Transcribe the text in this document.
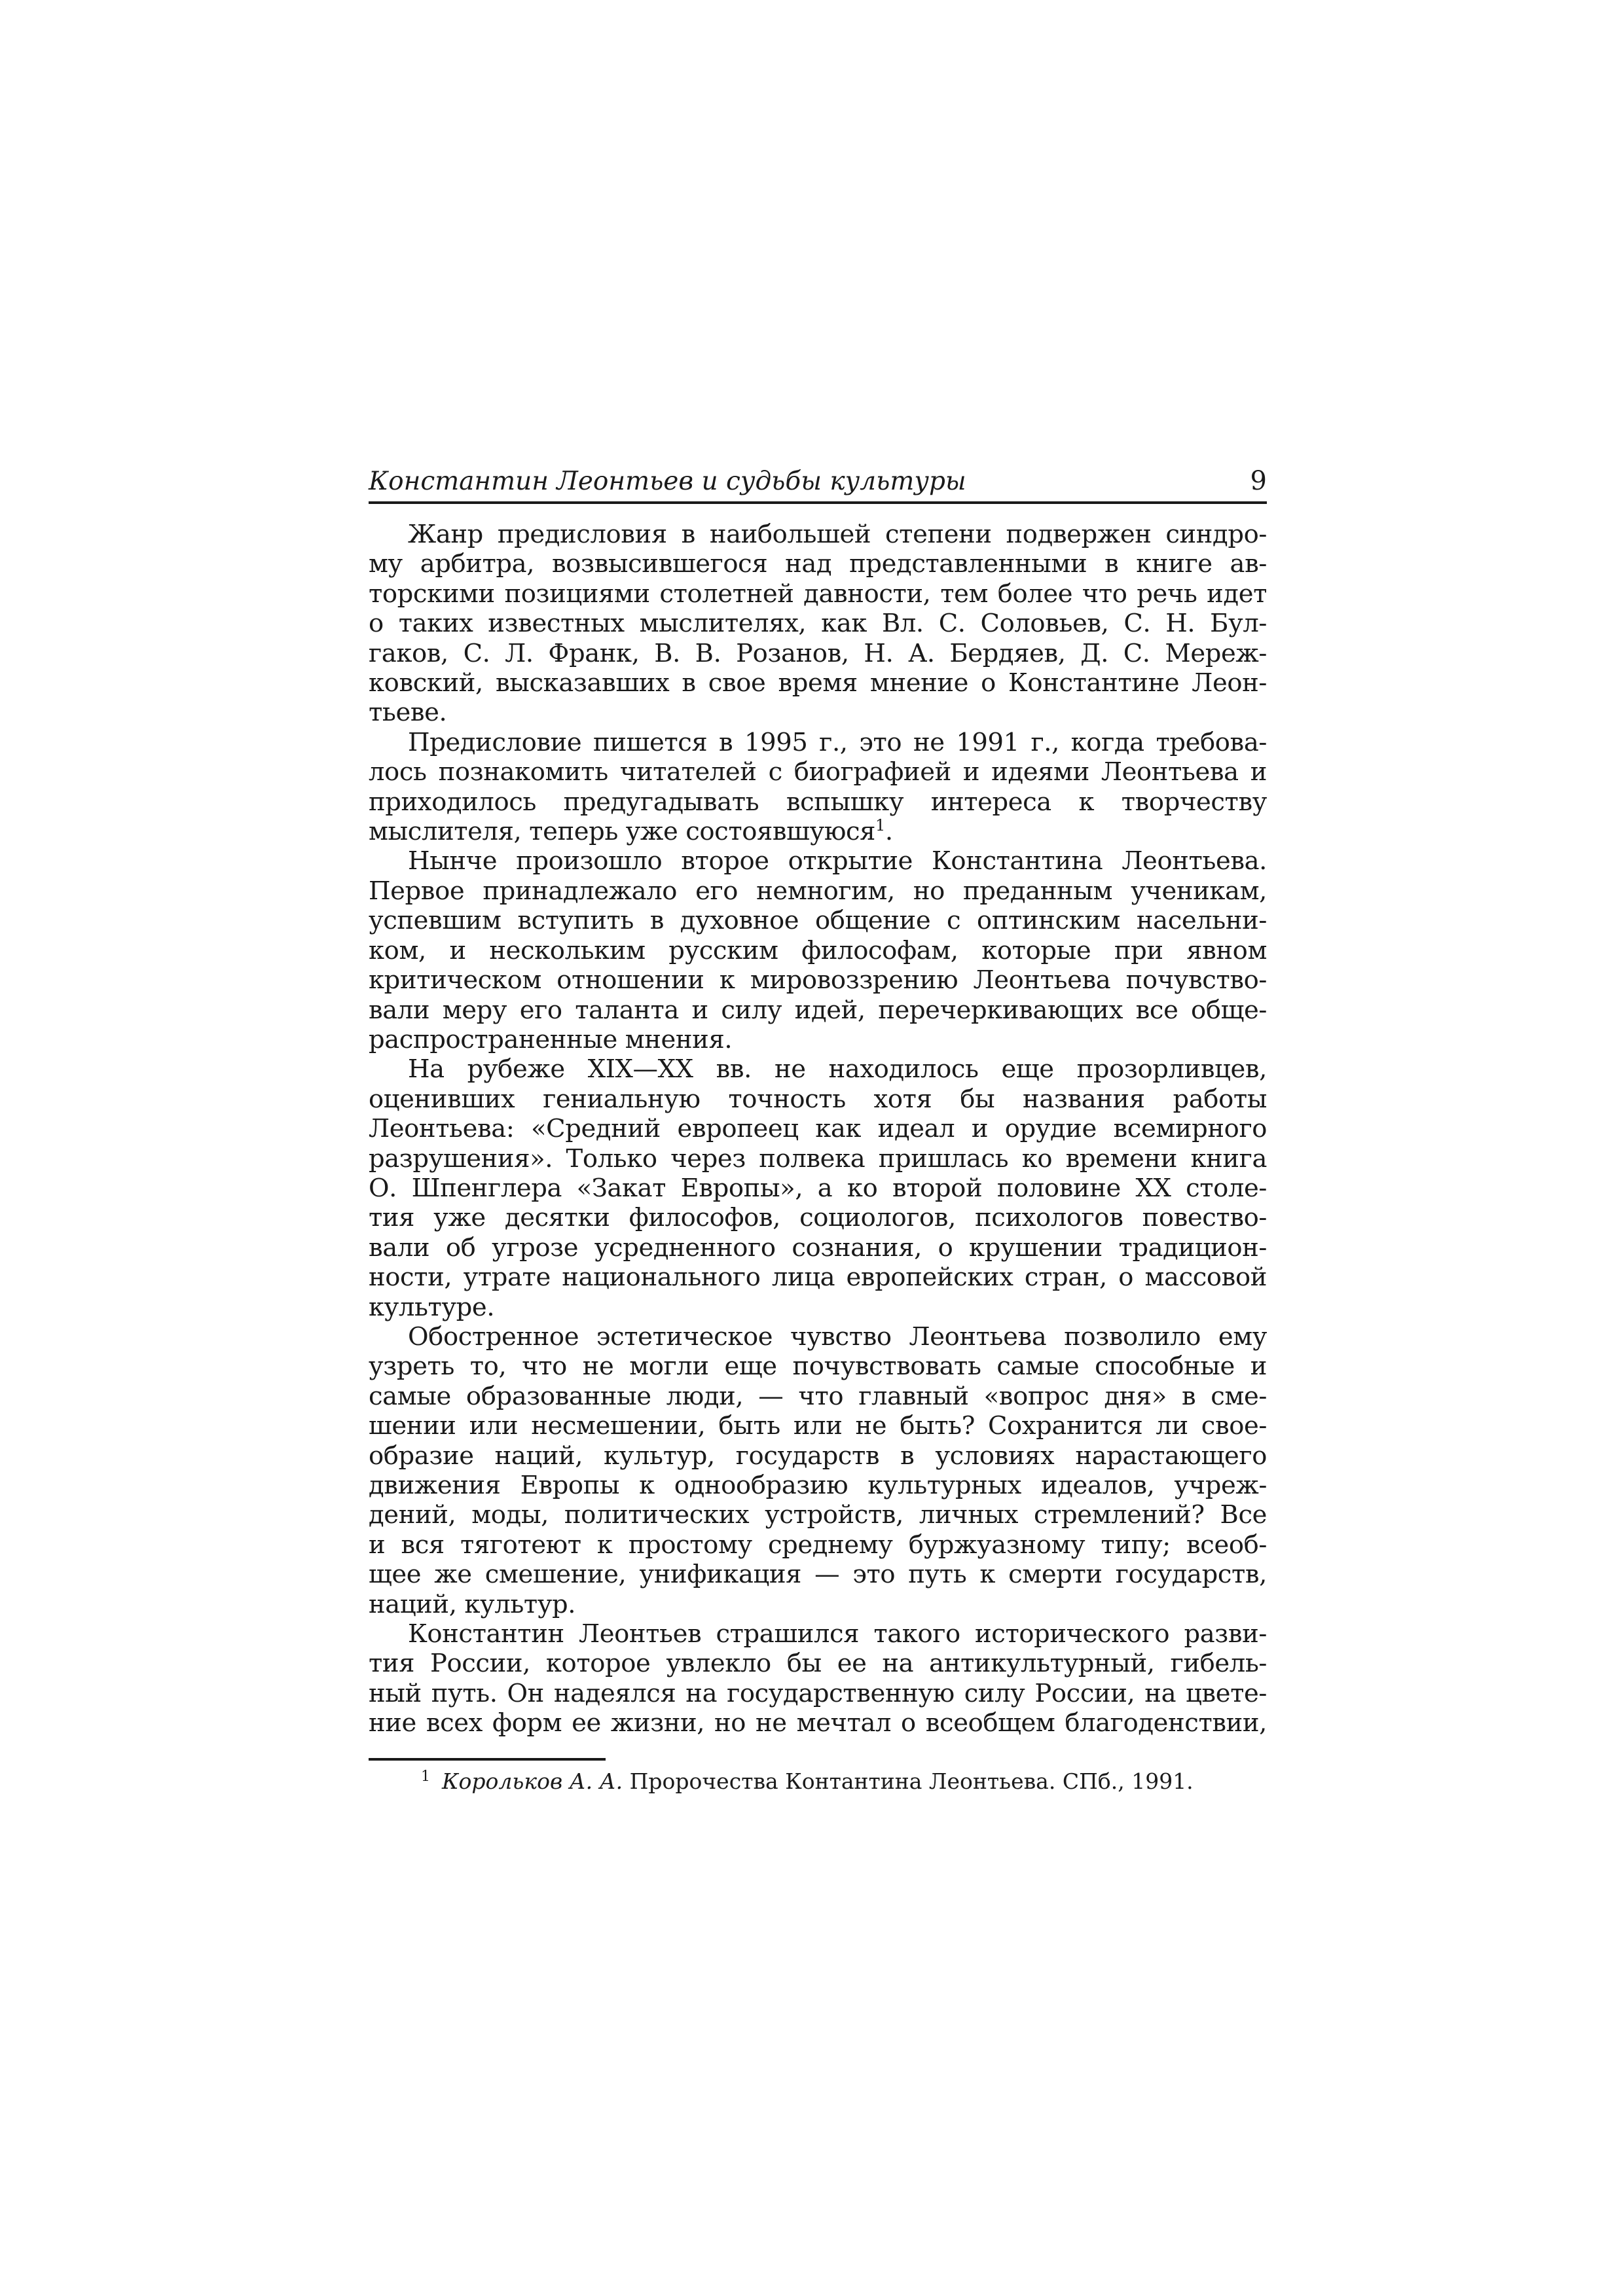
Константин Леонтьев и судьбы культуры	9

Жанр предисловия в наибольшей степени подвержен синдро-
му арбитра, возвысившегося над представленными в книге ав-
торскими позициями столетней давности, тем более что речь идет
о таких известных мыслителях, как Вл. С. Соловьев, С. Н. Бул-
гаков, С. Л. Франк, В. В. Розанов, Н. А. Бердяев, Д. С. Мереж-
ковский, высказавших в свое время мнение о Константине Леон-
тьеве.

Предисловие пишется в 1995 г., это не 1991 г., когда требова-
лось познакомить читателей с биографией и идеями Леонтьева и
приходилось предугадывать вспышку интереса к творчеству
мыслителя, теперь уже состоявшуюся$^1$.

Нынче произошло второе открытие Константина Леонтьева.
Первое принадлежало его немногим, но преданным ученикам,
успевшим вступить в духовное общение с оптинским насельни-
ком, и нескольким русским философам, которые при явном
критическом отношении к мировоззрению Леонтьева почувство-
вали меру его таланта и силу идей, перечеркивающих все обще-
распространенные мнения.

На рубеже XIX—XX вв. не находилось еще прозорливцев,
оценивших гениальную точность хотя бы названия работы
Леонтьева: «Средний европеец как идеал и орудие всемирного
разрушения». Только через полвека пришлась ко времени книга
О. Шпенглера «Закат Европы», а ко второй половине XX столе-
тия уже десятки философов, социологов, психологов повество-
вали об угрозе усредненного сознания, о крушении традицион-
ности, утрате национального лица европейских стран, о массовой
культуре.

Обостренное эстетическое чувство Леонтьева позволило ему
узреть то, что не могли еще почувствовать самые способные и
самые образованные люди, — что главный «вопрос дня» в сме-
шении или несмешении, быть или не быть? Сохранится ли свое-
образие наций, культур, государств в условиях нарастающего
движения Европы к однообразию культурных идеалов, учреж-
дений, моды, политических устройств, личных стремлений? Все
и вся тяготеют к простому среднему буржуазному типу; всеоб-
щее же смешение, унификация — это путь к смерти государств,
наций, культур.

Константин Леонтьев страшился такого исторического разви-
тия России, которое увлекло бы ее на антикультурный, гибель-
ный путь. Он надеялся на государственную силу России, на цвете-
ние всех форм ее жизни, но не мечтал о всеобщем благоденствии,

$^1$ Корольков А. А. Пророчества Контантина Леонтьева. СПб., 1991.
